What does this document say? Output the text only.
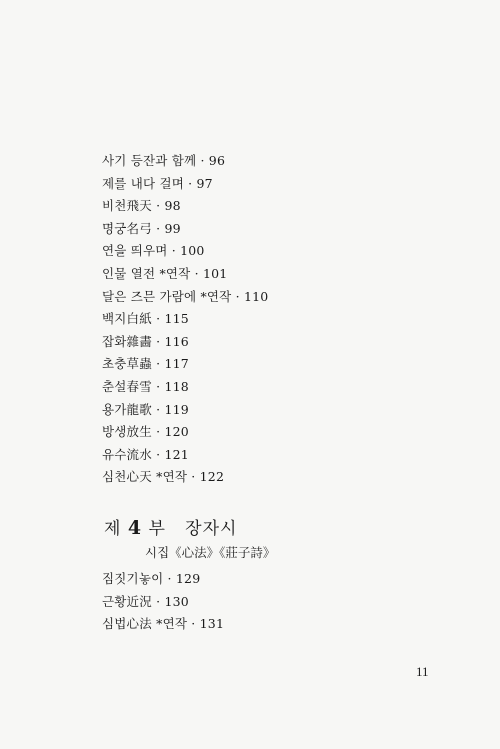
사기 등잔과 함께 · 96
제를 내다 걸며 · 97
비천飛天 · 98
명궁名弓 · 99
연을 띄우며 · 100
인물 열전 *연작 · 101
달은 즈믄 가람에 *연작 · 110
백지白紙 · 115
잡화雜畵 · 116
초충草蟲 · 117
춘설春雪 · 118
용가龍歌 · 119
방생放生 · 120
유수流水 · 121
심천心天 *연작 · 122
제 4 부 장자시
시집《心法》《莊子詩》
짐짓기놓이 · 129
근황近況 · 130
심법心法 *연작 · 131
11
